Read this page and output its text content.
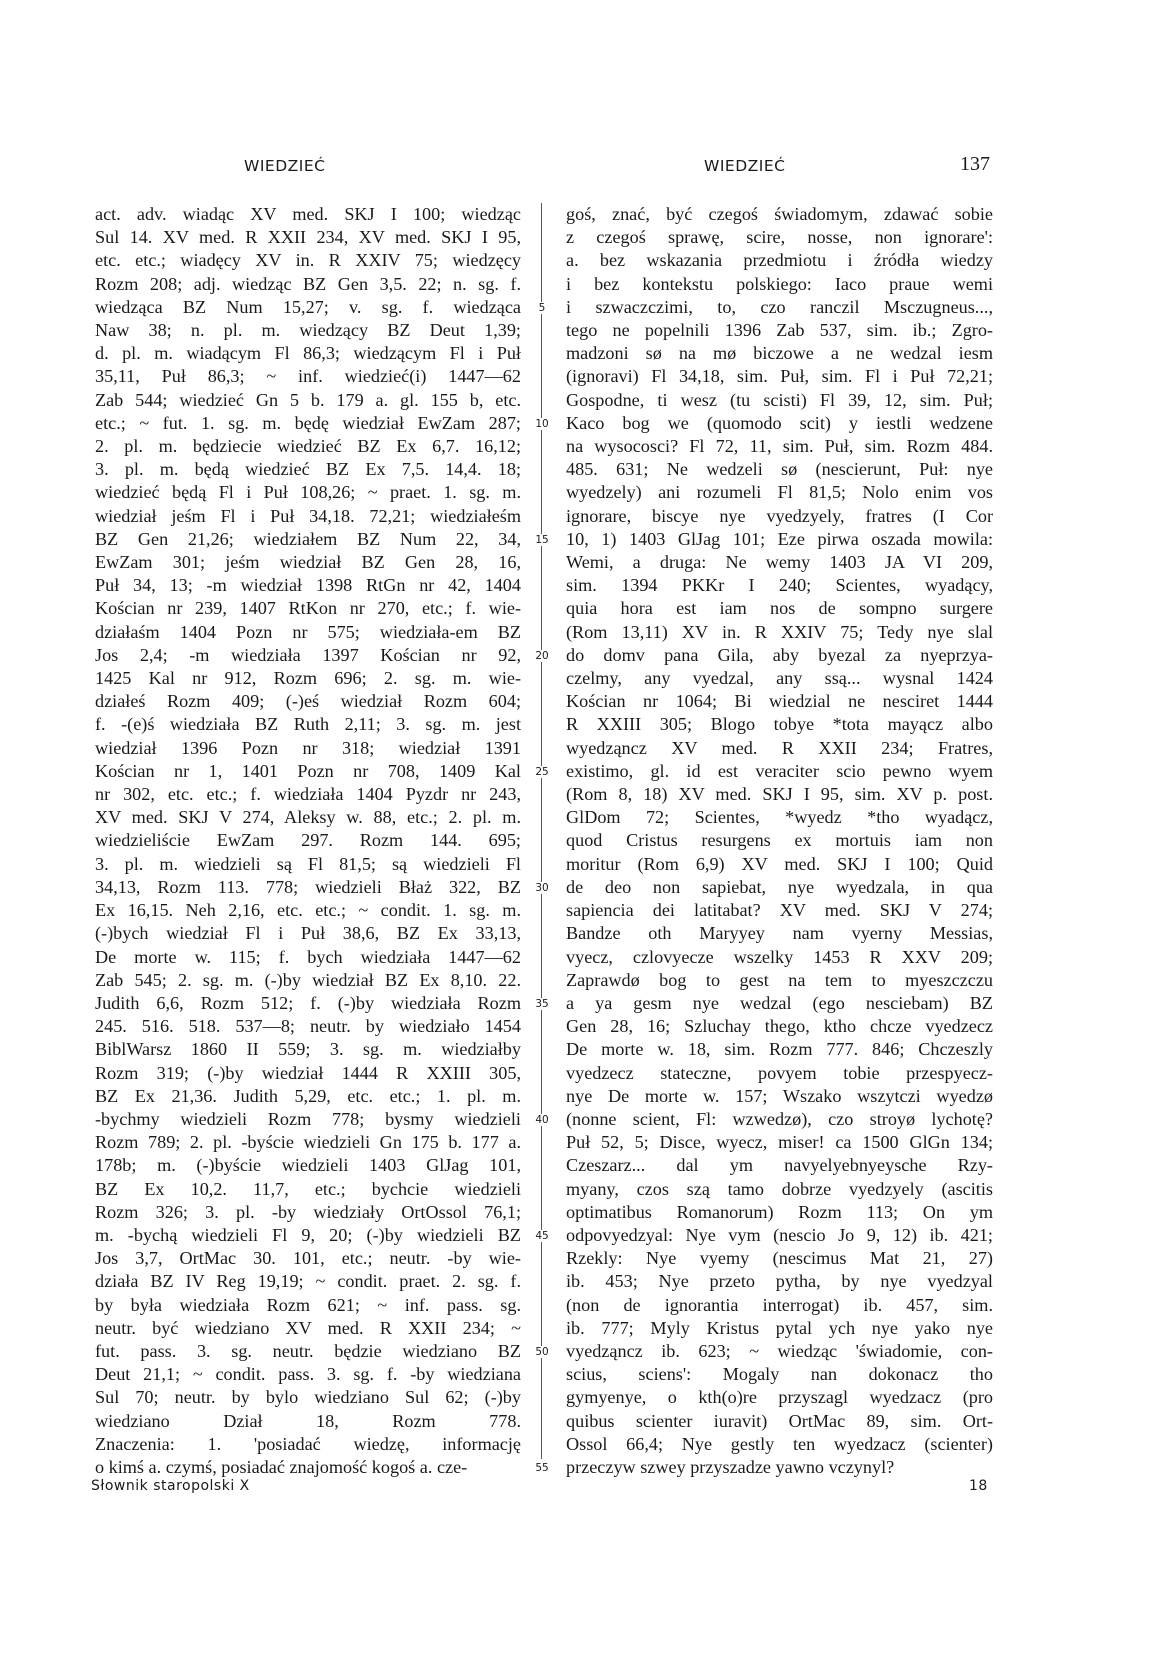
WIEDZIEĆ	WIEDZIEĆ	137

act. adv. wiadąc XV med. SKJ I 100; wiedząc

Sul 14. XV med. R XXII 234, XV med. SKJ I 95,

etc. etc.; wiadęcy XV in. R XXIV 75; wiedzęcy

Rozm 208; adj. wiedząc BZ Gen 3,5. 22; n. sg. f.

wiedząca BZ Num 15,27; v. sg. f. wiedząca

Naw 38; n. pl. m. wiedzący BZ Deut 1,39;

d. pl. m. wiadącym Fl 86,3; wiedzącym Fl i Puł

35,11, Puł 86,3; ~ inf. wiedzieć(i) 1447—62

Zab 544; wiedzieć Gn 5 b. 179 a. gl. 155 b, etc.

etc.; ~ fut. 1. sg. m. będę wiedział EwZam 287;

2. pl. m. będziecie wiedzieć BZ Ex 6,7. 16,12;

3. pl. m. będą wiedzieć BZ Ex 7,5. 14,4. 18;

wiedzieć będą Fl i Puł 108,26; ~ praet. 1. sg. m.

wiedział jeśm Fl i Puł 34,18. 72,21; wiedziałeśm

BZ Gen 21,26; wiedziałem BZ Num 22, 34,

EwZam 301; jeśm wiedział BZ Gen 28, 16,

Puł 34, 13; -m wiedział 1398 RtGn nr 42, 1404

Kościan nr 239, 1407 RtKon nr 270, etc.; f. wie-

działaśm 1404 Pozn nr 575; wiedziała-em BZ

Jos 2,4; -m wiedziała 1397 Kościan nr 92,

1425 Kal nr 912, Rozm 696; 2. sg. m. wie-

działeś Rozm 409; (-)eś wiedział Rozm 604;

f. -(e)ś wiedziała BZ Ruth 2,11; 3. sg. m. jest

wiedział 1396 Pozn nr 318; wiedział 1391

Kościan nr 1, 1401 Pozn nr 708, 1409 Kal

nr 302, etc. etc.; f. wiedziała 1404 Pyzdr nr 243,

XV med. SKJ V 274, Aleksy w. 88, etc.; 2. pl. m.

wiedzieliście EwZam 297. Rozm 144. 695;

3. pl. m. wiedzieli są Fl 81,5; są wiedzieli Fl

34,13, Rozm 113. 778; wiedzieli Błaż 322, BZ

Ex 16,15. Neh 2,16, etc. etc.; ~ condit. 1. sg. m.

(-)bych wiedział Fl i Puł 38,6, BZ Ex 33,13,

De morte w. 115; f. bych wiedziała 1447—62

Zab 545; 2. sg. m. (-)by wiedział BZ Ex 8,10. 22.

Judith 6,6, Rozm 512; f. (-)by wiedziała Rozm

245. 516. 518. 537—8; neutr. by wiedziało 1454

BiblWarsz 1860 II 559; 3. sg. m. wiedziałby

Rozm 319; (-)by wiedział 1444 R XXIII 305,

BZ Ex 21,36. Judith 5,29, etc. etc.; 1. pl. m.

-bychmy wiedzieli Rozm 778; bysmy wiedzieli

Rozm 789; 2. pl. -byście wiedzieli Gn 175 b. 177 a.

178b; m. (-)byście wiedzieli 1403 GlJag 101,

BZ Ex 10,2. 11,7, etc.; bychcie wiedzieli

Rozm 326; 3. pl. -by wiedziały OrtOssol 76,1;

m. -bychą wiedzieli Fl 9, 20; (-)by wiedzieli BZ

Jos 3,7, OrtMac 30. 101, etc.; neutr. -by wie-

działa BZ IV Reg 19,19; ~ condit. praet. 2. sg. f.

by była wiedziała Rozm 621; ~ inf. pass. sg.

neutr. być wiedziano XV med. R XXII 234; ~

fut. pass. 3. sg. neutr. będzie wiedziano BZ

Deut 21,1; ~ condit. pass. 3. sg. f. -by wiedziana

Sul 70; neutr. by bylo wiedziano Sul 62; (-)by

wiedziano Dział 18, Rozm 778.

Znaczenia: 1. 'posiadać wiedzę, informację

o kimś a. czymś, posiadać znajomość kogoś a. cze-

5
10
15
20
25
30
35
40
45
50
55

goś, znać, być czegoś świadomym, zdawać sobie

z czegoś sprawę, scire, nosse, non ignorare':

a. bez wskazania przedmiotu i źródła wiedzy

i bez kontekstu polskiego: Iaco praue wemi

i szwaczczimi, to, czo ranczil Msczugneus...,

tego ne popelnili 1396 Zab 537, sim. ib.; Zgro-

madzoni sø na mø biczowe a ne wedzal iesm

(ignoravi) Fl 34,18, sim. Puł, sim. Fl i Puł 72,21;

Gospodne, ti wesz (tu scisti) Fl 39, 12, sim. Puł;

Kaco bog we (quomodo scit) y iestli wedzene

na wysocosci? Fl 72, 11, sim. Puł, sim. Rozm 484.

485. 631; Ne wedzeli sø (nescierunt, Puł: nye

wyedzely) ani rozumeli Fl 81,5; Nolo enim vos

ignorare, biscye nye vyedzyely, fratres (I Cor

10, 1) 1403 GlJag 101; Eze pirwa oszada mowila:

Wemi, a druga: Ne wemy 1403 JA VI 209,

sim. 1394 PKKr I 240; Scientes, wyadący,

quia hora est iam nos de sompno surgere

(Rom 13,11) XV in. R XXIV 75; Tedy nye slal

do domv pana Gila, aby byezal za nyeprzya-

czelmy, any vyedzal, any ssą... wysnal 1424

Kościan nr 1064; Bi wiedzial ne nesciret 1444

R XXIII 305; Blogo tobye *tota mayącz albo

wyedząncz XV med. R XXII 234; Fratres,

existimo, gl. id est veraciter scio pewno wyem

(Rom 8, 18) XV med. SKJ I 95, sim. XV p. post.

GlDom 72; Scientes, *wyedz *tho wyadącz,

quod Cristus resurgens ex mortuis iam non

moritur (Rom 6,9) XV med. SKJ I 100; Quid

de deo non sapiebat, nye wyedzala, in qua

sapiencia dei latitabat? XV med. SKJ V 274;

Bandze oth Maryyey nam vyerny Messias,

vyecz, czlovyecze wszelky 1453 R XXV 209;

Zaprawdø bog to gest na tem to myeszczczu

a ya gesm nye wedzal (ego nesciebam) BZ

Gen 28, 16; Szluchay thego, ktho chcze vyedzecz

De morte w. 18, sim. Rozm 777. 846; Chczeszly

vyedzecz stateczne, povyem tobie przespyecz-

nye De morte w. 157; Wszako wszytczi wyedzø

(nonne scient, Fl: wzwedzø), czo stroyø lychotę?

Puł 52, 5; Disce, wyecz, miser! ca 1500 GlGn 134;

Czeszarz... dal ym navyelyebnyeysche Rzy-

myany, czos szą tamo dobrze vyedzyely (ascitis

optimatibus Romanorum) Rozm 113; On ym

odpovyedzyal: Nye vym (nescio Jo 9, 12) ib. 421;

Rzekly: Nye vyemy (nescimus Mat 21, 27)

ib. 453; Nye przeto pytha, by nye vyedzyal

(non de ignorantia interrogat) ib. 457, sim.

ib. 777; Myly Kristus pytal ych nye yako nye

vyedząncz ib. 623; ~ wiedząc 'świadomie, con-

scius, sciens': Mogaly nan dokonacz tho

gymyenye, o kth(o)re przyszagl wyedzacz (pro

quibus scienter iuravit) OrtMac 89, sim. Ort-

Ossol 66,4; Nye gestly ten wyedzacz (scienter)

przeczyw szwey przyszadze yawno vczynyl?

Słownik staropolski X	18
